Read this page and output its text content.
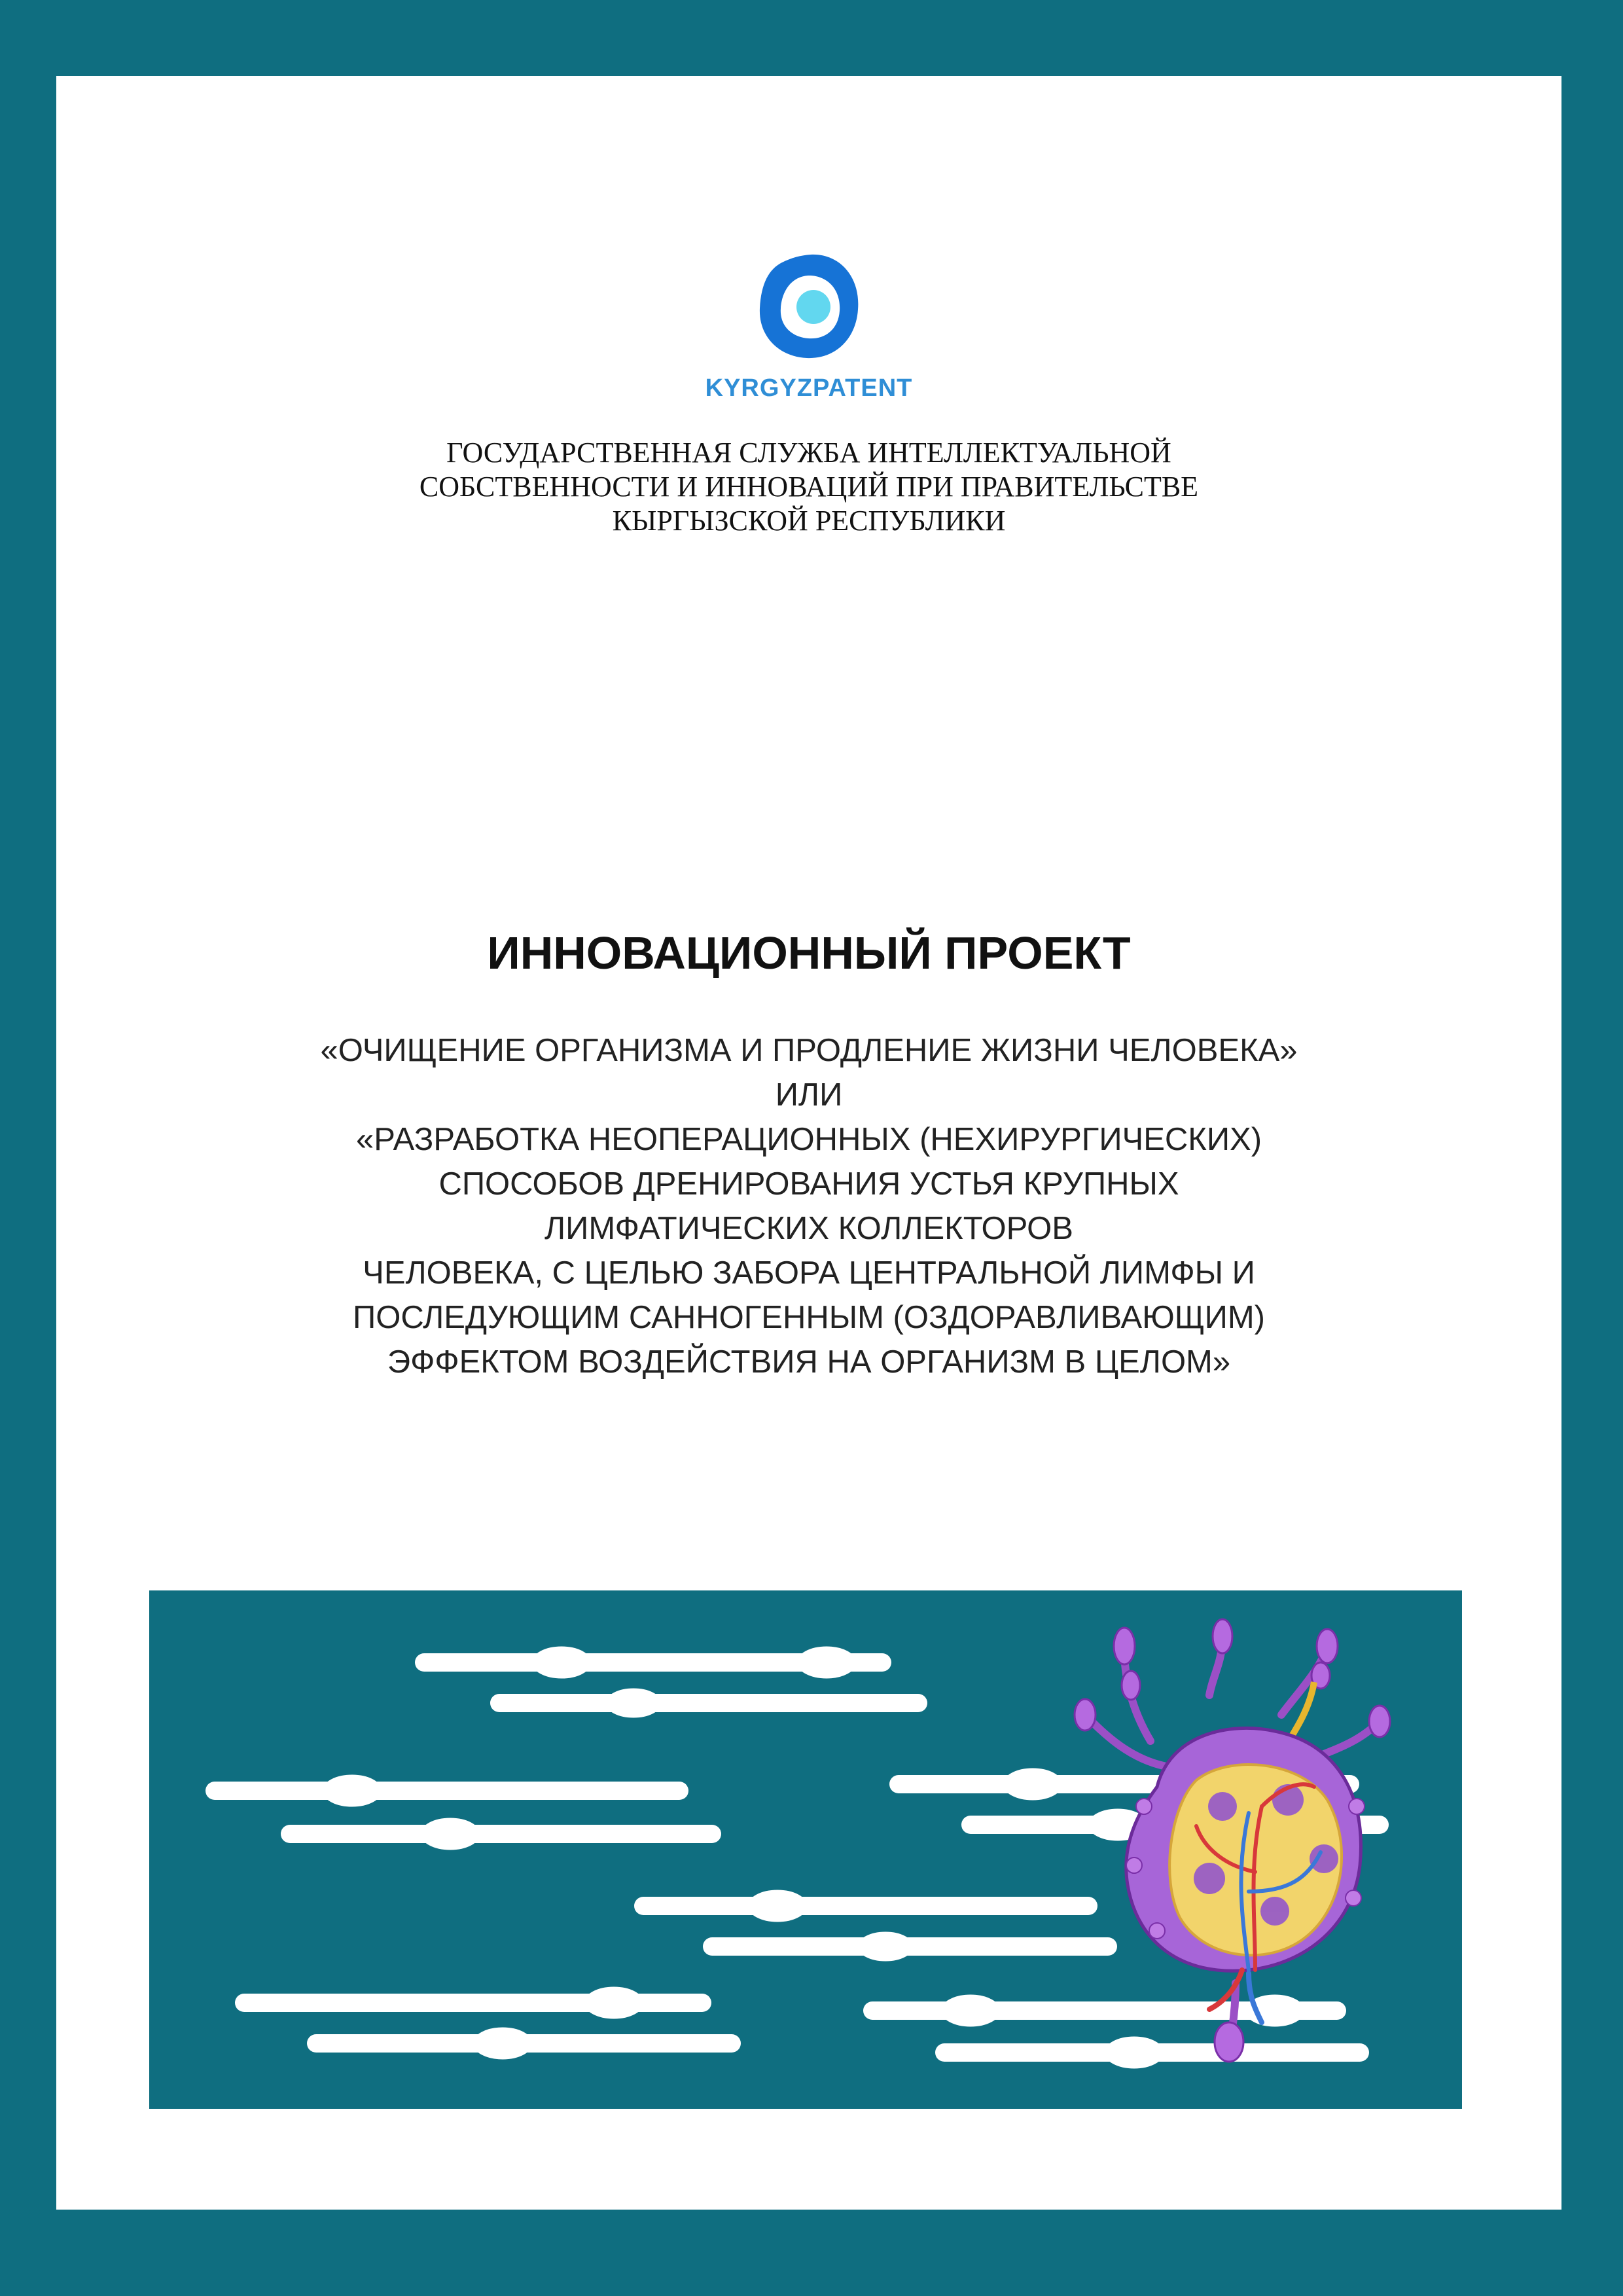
KYRGYZPATENT
ГОСУДАРСТВЕННАЯ СЛУЖБА ИНТЕЛЛЕКТУАЛЬНОЙ
СОБСТВЕННОСТИ И ИННОВАЦИЙ ПРИ ПРАВИТЕЛЬСТВЕ
КЫРГЫЗСКОЙ РЕСПУБЛИКИ
ИННОВАЦИОННЫЙ ПРОЕКТ
«ОЧИЩЕНИЕ ОРГАНИЗМА И ПРОДЛЕНИЕ ЖИЗНИ ЧЕЛОВЕКА»
ИЛИ
«РАЗРАБОТКА НЕОПЕРАЦИОННЫХ (НЕХИРУРГИЧЕСКИХ)
СПОСОБОВ ДРЕНИРОВАНИЯ УСТЬЯ КРУПНЫХ
ЛИМФАТИЧЕСКИХ КОЛЛЕКТОРОВ
ЧЕЛОВЕКА, С ЦЕЛЬЮ ЗАБОРА ЦЕНТРАЛЬНОЙ ЛИМФЫ И
ПОСЛЕДУЮЩИМ САННОГЕННЫМ (ОЗДОРАВЛИВАЮЩИМ)
ЭФФЕКТОМ ВОЗДЕЙСТВИЯ НА ОРГАНИЗМ В ЦЕЛОМ»
